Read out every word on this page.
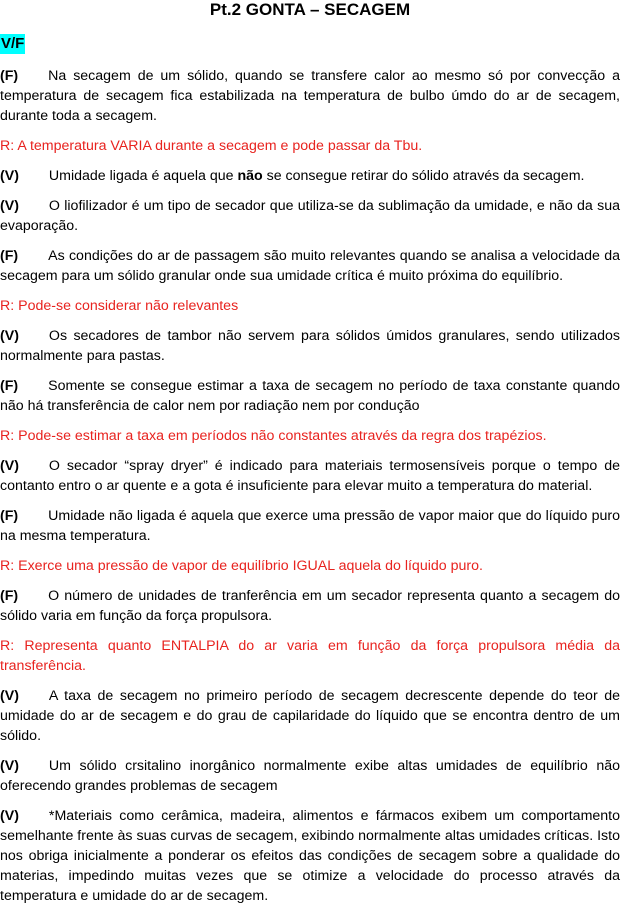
Pt.2 GONTA – SECAGEM
V/F

(F) Na secagem de um sólido, quando se transfere calor ao mesmo só por convecção a temperatura de secagem fica estabilizada na temperatura de bulbo úmdo do ar de secagem, durante toda a secagem.

R: A temperatura VARIA durante a secagem e pode passar da Tbu.

(V) Umidade ligada é aquela que não se consegue retirar do sólido através da secagem.

(V) O liofilizador é um tipo de secador que utiliza-se da sublimação da umidade, e não da sua evaporação.

(F) As condições do ar de passagem são muito relevantes quando se analisa a velocidade da secagem para um sólido granular onde sua umidade crítica é muito próxima do equilíbrio.

R: Pode-se considerar não relevantes

(V) Os secadores de tambor não servem para sólidos úmidos granulares, sendo utilizados normalmente para pastas.

(F) Somente se consegue estimar a taxa de secagem no período de taxa constante quando não há transferência de calor nem por radiação nem por condução

R: Pode-se estimar a taxa em períodos não constantes através da regra dos trapézios.

(V) O secador “spray dryer” é indicado para materiais termosensíveis porque o tempo de contanto entro o ar quente e a gota é insuficiente para elevar muito a temperatura do material.

(F) Umidade não ligada é aquela que exerce uma pressão de vapor maior que do líquido puro na mesma temperatura.

R: Exerce uma pressão de vapor de equilíbrio IGUAL aquela do líquido puro.

(F) O número de unidades de tranferência em um secador representa quanto a secagem do sólido varia em função da força propulsora.

R: Representa quanto ENTALPIA do ar varia em função da força propulsora média da transferência.

(V) A taxa de secagem no primeiro período de secagem decrescente depende do teor de umidade do ar de secagem e do grau de capilaridade do líquido que se encontra dentro de um sólido.

(V) Um sólido crsitalino inorgânico normalmente exibe altas umidades de equilíbrio não oferecendo grandes problemas de secagem

(V) *Materiais como cerâmica, madeira, alimentos e fármacos exibem um comportamento semelhante frente às suas curvas de secagem, exibindo normalmente altas umidades críticas. Isto nos obriga inicialmente a ponderar os efeitos das condições de secagem sobre a qualidade do materias, impedindo muitas vezes que se otimize a velocidade do processo através da temperatura e umidade do ar de secagem.
